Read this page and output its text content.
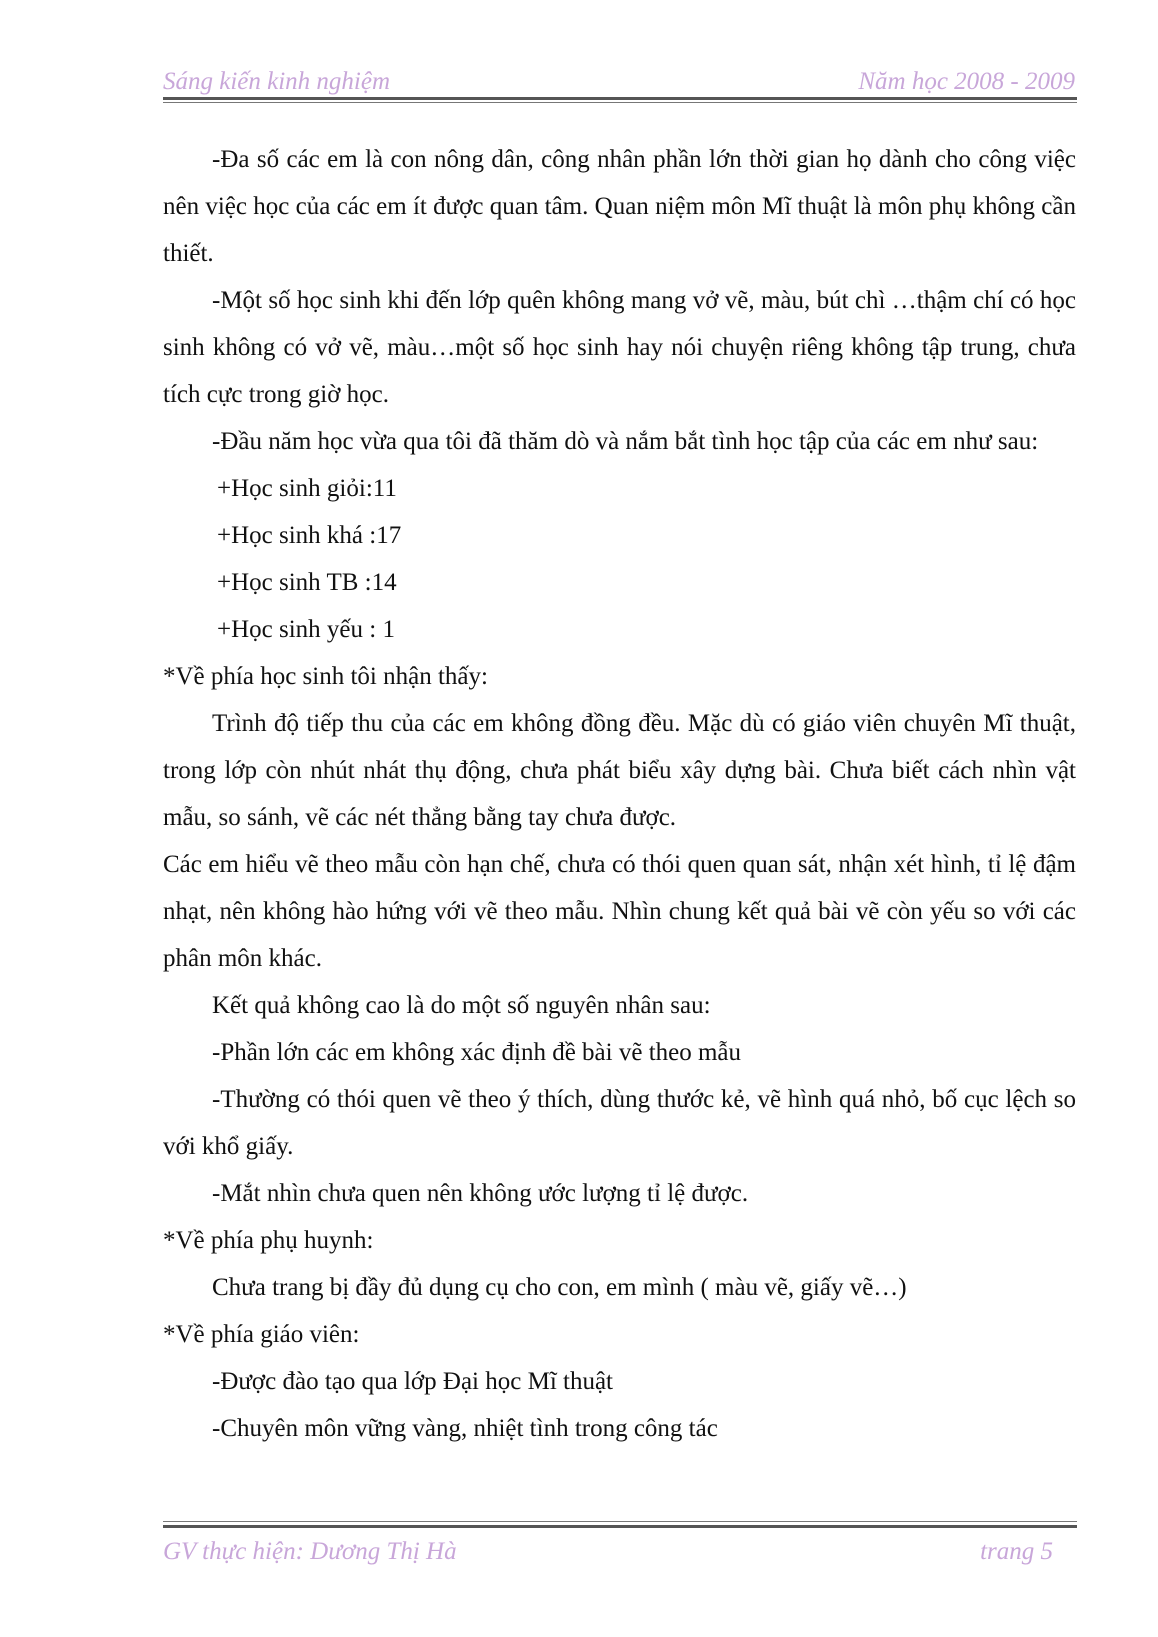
Sáng kiến kinh nghiệm	Năm học 2008 - 2009

-Đa số các em là con nông dân, công nhân phần lớn thời gian họ dành cho công việc nên việc học của các em ít được quan tâm. Quan niệm môn Mĩ thuật là môn phụ không cần thiết.

-Một số học sinh khi đến lớp quên không mang vở vẽ, màu, bút chì …thậm chí có học sinh không có vở vẽ, màu…một số học sinh hay nói chuyện riêng không tập trung, chưa tích cực trong giờ học.

-Đầu năm học vừa qua tôi đã thăm dò và nắm bắt tình học tập của các em như sau:

+Học sinh giỏi:11

+Học sinh khá :17

+Học sinh TB :14

+Học sinh yếu : 1

*Về phía học sinh tôi nhận thấy:

Trình độ tiếp thu của các em không đồng đều. Mặc dù có giáo viên chuyên Mĩ thuật, trong lớp còn nhút nhát thụ động, chưa phát biểu xây dựng bài. Chưa biết cách nhìn vật mẫu, so sánh, vẽ các nét thẳng bằng tay chưa được.

Các em hiểu vẽ theo mẫu còn hạn chế, chưa có thói quen quan sát, nhận xét hình, tỉ lệ đậm nhạt, nên không hào hứng với vẽ theo mẫu. Nhìn chung kết quả bài vẽ còn yếu so với các phân môn khác.

Kết quả không cao là do một số nguyên nhân sau:

-Phần lớn các em không xác định đề bài vẽ theo mẫu

-Thường có thói quen vẽ theo ý thích, dùng thước kẻ, vẽ hình quá nhỏ, bố cục lệch so với khổ giấy.

-Mắt nhìn chưa quen nên không ước lượng tỉ lệ được.

*Về phía phụ huynh:

Chưa trang bị đầy đủ dụng cụ cho con, em mình ( màu vẽ, giấy vẽ…)

*Về phía giáo viên:

-Được đào tạo qua lớp Đại học Mĩ thuật

-Chuyên môn vững vàng, nhiệt tình trong công tác

GV thực hiện: Dương Thị Hà	trang 5
